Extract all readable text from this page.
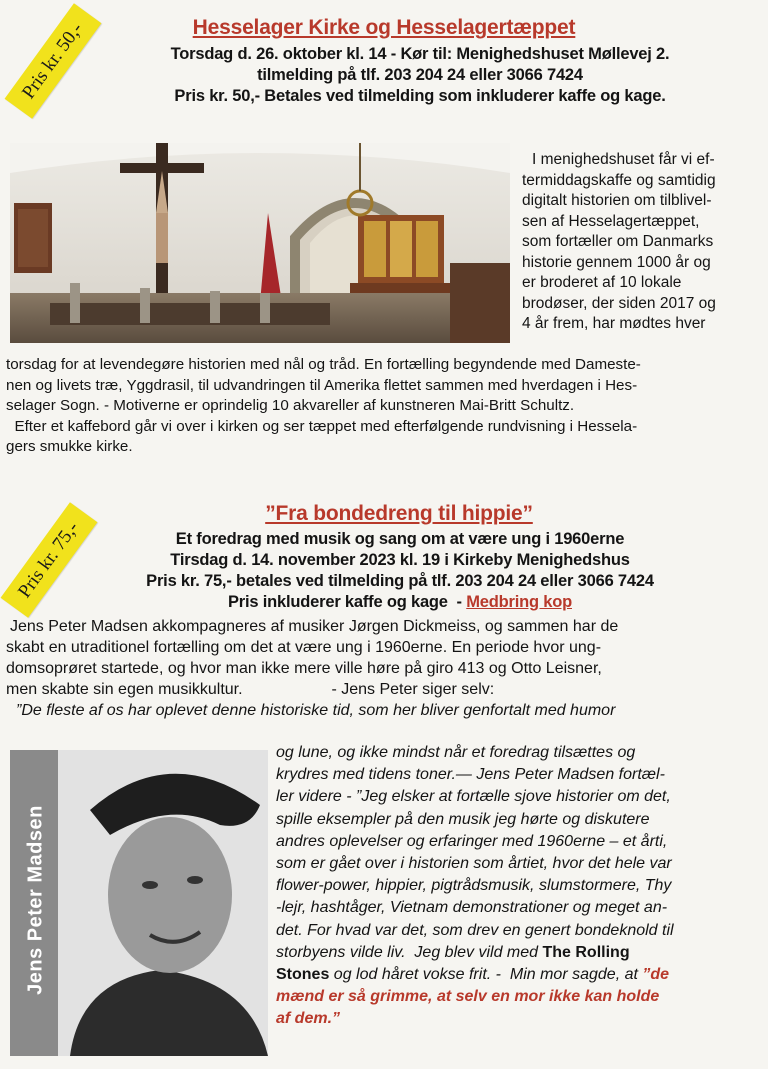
Pris kr. 50,-	Hesselager Kirke og Hesselagertæppet
Torsdag d. 26. oktober kl. 14 - Kør til: Menighedshuset Møllevej 2.
tilmelding på tlf. 203 204 24 eller 3066 7424
Pris kr. 50,- Betales ved tilmelding som inkluderer kaffe og kage.
I menighedshuset får vi ef-
termiddagskaffe og samtidig
digitalt historien om tilblivel-
sen af Hesselagertæppet,
som fortæller om Danmarks
historie gennem 1000 år og
er broderet af 10 lokale
brodøser, der siden 2017 og
4 år frem, har mødtes hver
torsdag for at levendegøre historien med nål og tråd. En fortælling begyndende med Dameste-
nen og livets træ, Yggdrasil, til udvandringen til Amerika flettet sammen med hverdagen i Hes-
selager Sogn. - Motiverne er oprindelig 10 akvareller af kunstneren Mai-Britt Schultz.
Efter et kaffebord går vi over i kirken og ser tæppet med efterfølgende rundvisning i Hessela-
gers smukke kirke.
Pris kr. 75,-
”Fra bondedreng til hippie”
Et foredrag med musik og sang om at være ung i 1960erne
Tirsdag d. 14. november 2023 kl. 19 i Kirkeby Menighedshus
Pris kr. 75,- betales ved tilmelding på tlf. 203 204 24 eller 3066 7424
Pris inkluderer kaffe og kage  - Medbring kop
Jens Peter Madsen akkompagneres af musiker Jørgen Dickmeiss, og sammen har de
skabt en utraditionel fortælling om det at være ung i 1960erne. En periode hvor ung-
domsoprøret startede, og hvor man ikke mere ville høre på giro 413 og Otto Leisner,
men skabte sin egen musikkultur.                    - Jens Peter siger selv:
”De fleste af os har oplevet denne historiske tid, som her bliver genfortalt med humor
Jens Peter Madsen
og lune, og ikke mindst når et foredrag tilsættes og
krydres med tidens toner.— Jens Peter Madsen fortæl-
ler videre - ”Jeg elsker at fortælle sjove historier om det,
spille eksempler på den musik jeg hørte og diskutere
andres oplevelser og erfaringer med 1960erne – et årti,
som er gået over i historien som årtiet, hvor det hele var
flower-power, hippier, pigtrådsmusik, slumstormere, Thy
-lejr, hashtåger, Vietnam demonstrationer og meget an-
det. For hvad var det, som drev en genert bondeknold til
storbyens vilde liv.  Jeg blev vild med The Rolling
Stones og lod håret vokse frit. -  Min mor sagde, at ”de
mænd er så grimme, at selv en mor ikke kan holde
af dem.”
